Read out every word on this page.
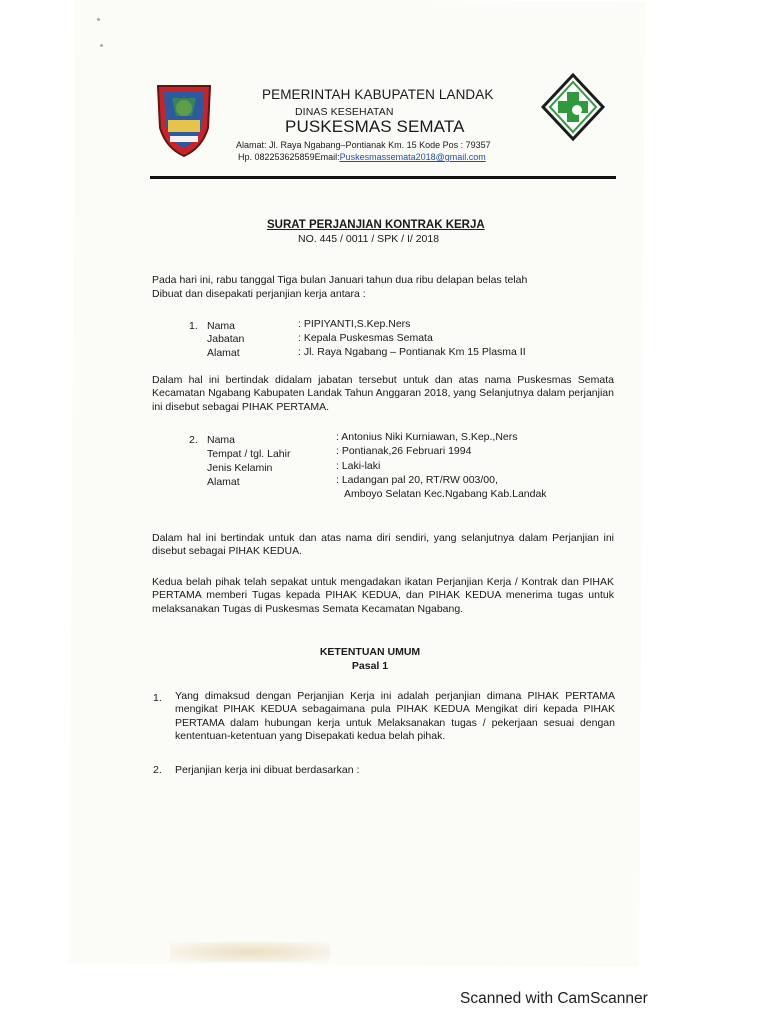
PEMERINTAH KABUPATEN LANDAK
DINAS KESEHATAN
PUSKESMAS SEMATA
Alamat: Jl. Raya Ngabang–Pontianak Km. 15 Kode Pos : 79357
Hp. 082253625859Email:Puskesmassemata2018@gmail.com
SURAT PERJANJIAN KONTRAK KERJA
NO. 445 / 0011 / SPK / I/ 2018
Pada hari ini, rabu tanggal Tiga bulan Januari tahun dua ribu delapan belas telah
Dibuat dan disepakati perjanjian kerja antara :
1. Nama
Jabatan
Alamat
: PIPIYANTI,S.Kep.Ners
: Kepala Puskesmas Semata
: Jl. Raya Ngabang – Pontianak Km 15 Plasma II
Dalam hal ini bertindak didalam jabatan tersebut untuk dan atas nama Puskesmas Semata Kecamatan Ngabang Kabupaten Landak Tahun Anggaran 2018, yang Selanjutnya dalam perjanjian ini disebut sebagai PIHAK PERTAMA.
2. Nama
Tempat / tgl. Lahir
Jenis Kelamin
Alamat
: Antonius Niki Kurniawan, S.Kep.,Ners
: Pontianak,26 Februari 1994
: Laki-laki
: Ladangan pal 20, RT/RW 003/00,
Amboyo Selatan Kec.Ngabang Kab.Landak
Dalam hal ini bertindak untuk dan atas nama diri sendiri, yang selanjutnya dalam Perjanjian ini disebut sebagai PIHAK KEDUA.
Kedua belah pihak telah sepakat untuk mengadakan ikatan Perjanjian Kerja / Kontrak dan PIHAK PERTAMA memberi Tugas kepada PIHAK KEDUA, dan PIHAK KEDUA menerima tugas untuk melaksanakan Tugas di Puskesmas Semata Kecamatan Ngabang.
KETENTUAN UMUM
Pasal 1
1. Yang dimaksud dengan Perjanjian Kerja ini adalah perjanjian dimana PIHAK PERTAMA mengikat PIHAK KEDUA sebagaimana pula PIHAK KEDUA Mengikat diri kepada PIHAK PERTAMA dalam hubungan kerja untuk Melaksanakan tugas / pekerjaan sesuai dengan kententuan-ketentuan yang Disepakati kedua belah pihak.
2. Perjanjian kerja ini dibuat berdasarkan :
Scanned with CamScanner
